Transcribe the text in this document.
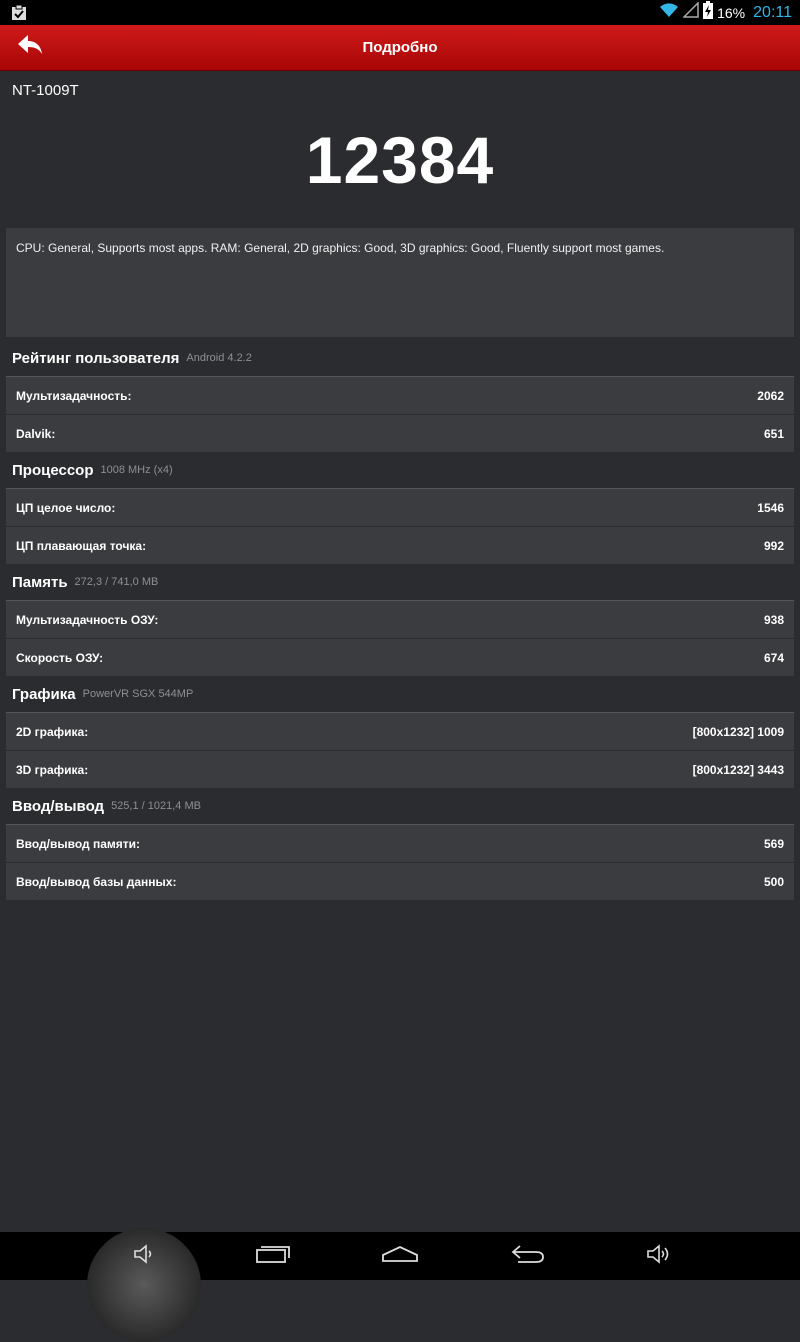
16% 20:11
Подробно
NT-1009T
12384
CPU: General, Supports most apps. RAM: General, 2D graphics: Good, 3D graphics: Good, Fluently support most games.
Рейтинг пользователя Android 4.2.2
Мультизадачность:	2062
Dalvik:	651
Процессор 1008 MHz (x4)
ЦП целое число:	1546
ЦП плавающая точка:	992
Память 272,3 / 741,0 MB
Мультизадачность ОЗУ:	938
Скорость ОЗУ:	674
Графика PowerVR SGX 544MP
2D графика:	[800x1232] 1009
3D графика:	[800x1232] 3443
Ввод/вывод 525,1 / 1021,4 MB
Ввод/вывод памяти:	569
Ввод/вывод базы данных:	500
